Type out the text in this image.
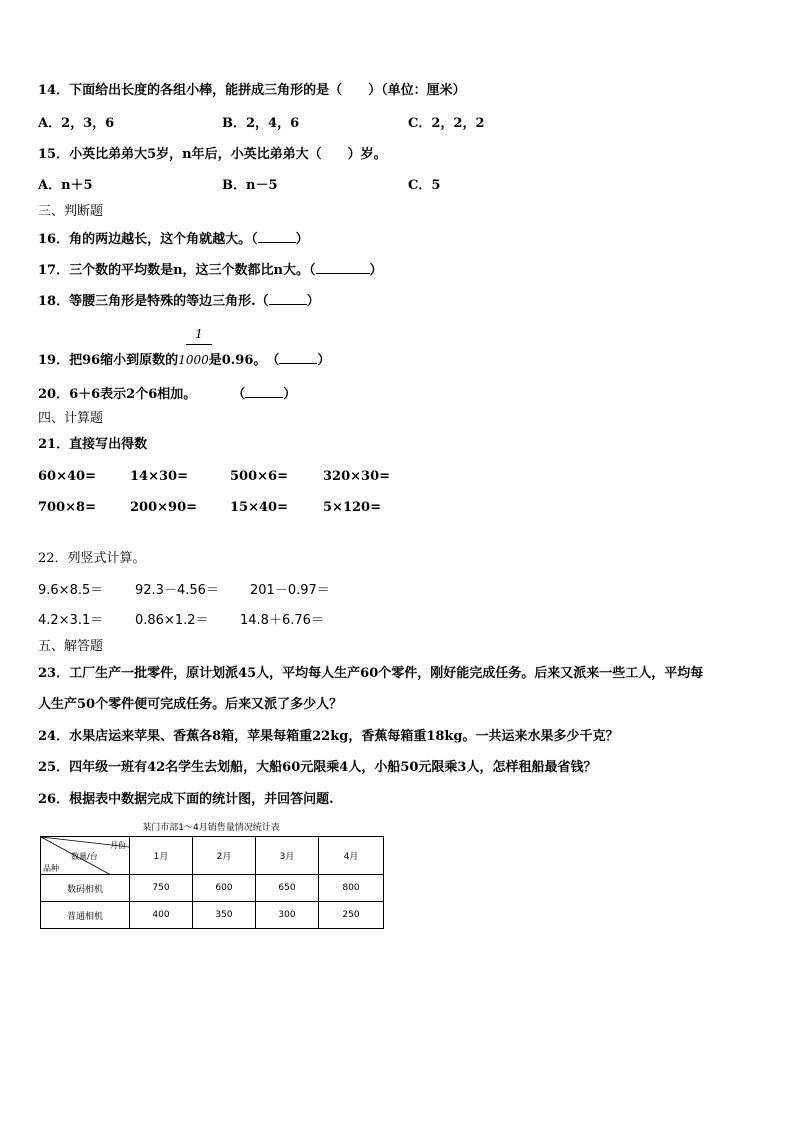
14．下面给出长度的各组小棒，能拼成三角形的是（　　）（单位：厘米）
A．2，3，6	B．2，4，6	C．2，2，2
15．小英比弟弟大5岁，n年后，小英比弟弟大（　　）岁。
A．n＋5	B．n－5	C．5
三、判断题
16．角的两边越长，这个角就越大。（	）
17．三个数的平均数是n，这三个数都比n大。（	）
18．等腰三角形是特殊的等边三角形.（	）
1
19．把96缩小到原数的1000是0.96。　（	）
20．6＋6表示2个6相加。	（	）
四、计算题
21．直接写出得数
60×40=	14×30=	500×6=	320×30=
700×8=	200×90=	15×40=	5×120=
22．列竖式计算。
9.6×8.5＝ 92.3－4.56＝ 201－0.97＝
4.2×3.1＝ 0.86×1.2＝ 14.8＋6.76＝
五、解答题
23．工厂生产一批零件，原计划派45人，平均每人生产60个零件，刚好能完成任务。后来又派来一些工人，平均每
人生产50个零件便可完成任务。后来又派了多少人？
24．水果店运来苹果、香蕉各8箱，苹果每箱重22kg，香蕉每箱重18kg。一共运来水果多少千克？
25．四年级一班有42名学生去划船，大船60元限乘4人，小船50元限乘3人，怎样租船最省钱？
26．根据表中数据完成下面的统计图，并回答问题.
某门市部1～4月销售量情况统计表
月份
数量/台
品种	1月	2月	3月	4月
数码相机	750	600	650	800
普通相机	400	350	300	250
